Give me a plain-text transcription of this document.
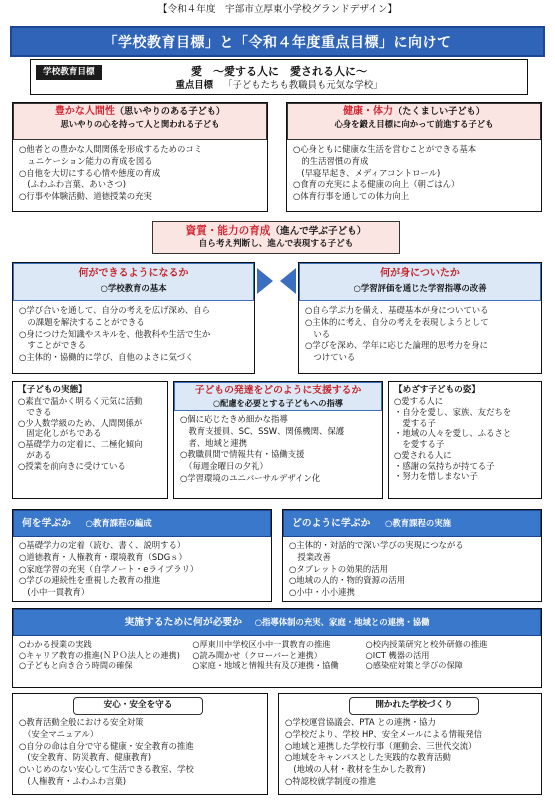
【令和４年度　宇部市立厚東小学校グランドデザイン】
「学校教育目標」と「令和４年度重点目標」に向けて
学校教育目標	愛　～愛する人に　愛される人に～
重点目標 「子どもたちも教職員も元気な学校」
豊かな人間性（思いやりのある子ども）
思いやりの心を持って人と関われる子ども
○他者との豊かな人間関係を形成するためのコミ
　ュニケーション能力の育成を図る
○自他を大切にする心情や態度の育成
　(ふわふわ言葉、あいさつ)
○行事や体験活動、道徳授業の充実
健康・体力（たくましい子ども）
心身を鍛え目標に向かって前進する子ども
○心身ともに健康な生活を営むことができる基本
　的生活習慣の育成
　(早寝早起き、メディアコントロール)
○食育の充実による健康の向上（朝ごはん）
○体育行事を通しての体力向上
資質・能力の育成（進んで学ぶ子ども）
自ら考え判断し、進んで表現する子ども
何ができるようになるか
○学校教育の基本
○学び合いを通して、自分の考えを広げ深め、自ら
　の課題を解決することができる
○身につけた知識やスキルを、他教科や生活で生か
　すことができる
○主体的・協働的に学び、自他のよさに気づく
何が身についたか
○学習評価を通じた学習指導の改善
○自ら学ぶ力を備え、基礎基本が身についている
○主体的に考え、自分の考えを表現しようとして
　いる
○学びを深め、学年に応じた論理的思考力を身に
　つけている
【子どもの実態】
○素直で温かく明るく元気に活動
　できる
○少人数学級のため、人間関係が
　固定化しがちである
○基礎学力の定着に、二極化傾向
　がある
○授業を前向きに受けている
子どもの発達をどのように支援するか
○配慮を必要とする子どもへの指導
○個に応じたきめ細かな指導
　教育支援員、SC、SSW、関係機関、保護
　者、地域と連携
○教職員間で情報共有・協働支援
　（毎週金曜日の夕礼）
○学習環境のユニバーサルデザイン化
【めざす子どもの姿】
○愛する人に
・自分を愛し、家族、友だちを
　愛する子
・地域の人々を愛し、ふるさと
　を愛する子
○愛される人に
・感謝の気持ちが持てる子
・努力を惜しまない子
何を学ぶか ○教育課程の編成
○基礎学力の定着（読む、書く、説明する）
○道徳教育・人権教育・環境教育（SDGｓ）
○家庭学習の充実（自学ノート・eライブラリ）
○学びの連続性を重視した教育の推進
　(小中一貫教育）
どのように学ぶか ○教育課程の実施
○主体的・対話的で深い学びの実現につながる
　授業改善
○タブレットの効果的活用
○地域の人的・物的資源の活用
○小中・小小連携
実施するために何が必要か ○指導体制の充実、家庭・地域との連携・協働
○わかる授業の実践	○厚東川中学校区小中一貫教育の推進	○校内授業研究と校外研修の推進
○キャリア教育の推進(ＮＰＯ法人との連携)	○読み聞かせ（クローバーと連携）	○ICT 機器の活用
○子どもと向き合う時間の確保	○家庭・地域と情報共有及び連携・協働	○感染症対策と学びの保障
安心・安全を守る
○教育活動全般における安全対策
　（安全マニュアル）
○自分の命は自分で守る健康・安全教育の推進
　(安全教育、防災教育、健康教育)
○いじめのない安心して生活できる教室、学校
　(人権教育・ふわふわ言葉)
開かれた学校づくり
○学校運営協議会、PTA との連携・協力
○学校だより、学校 HP、安全メールによる情報発信
○地域と連携した学校行事（運動会、三世代交流）
○地域をキャンパスとした実践的な教育活動
　(地域の人材・教材を生かした教育)
○特認校就学制度の推進
